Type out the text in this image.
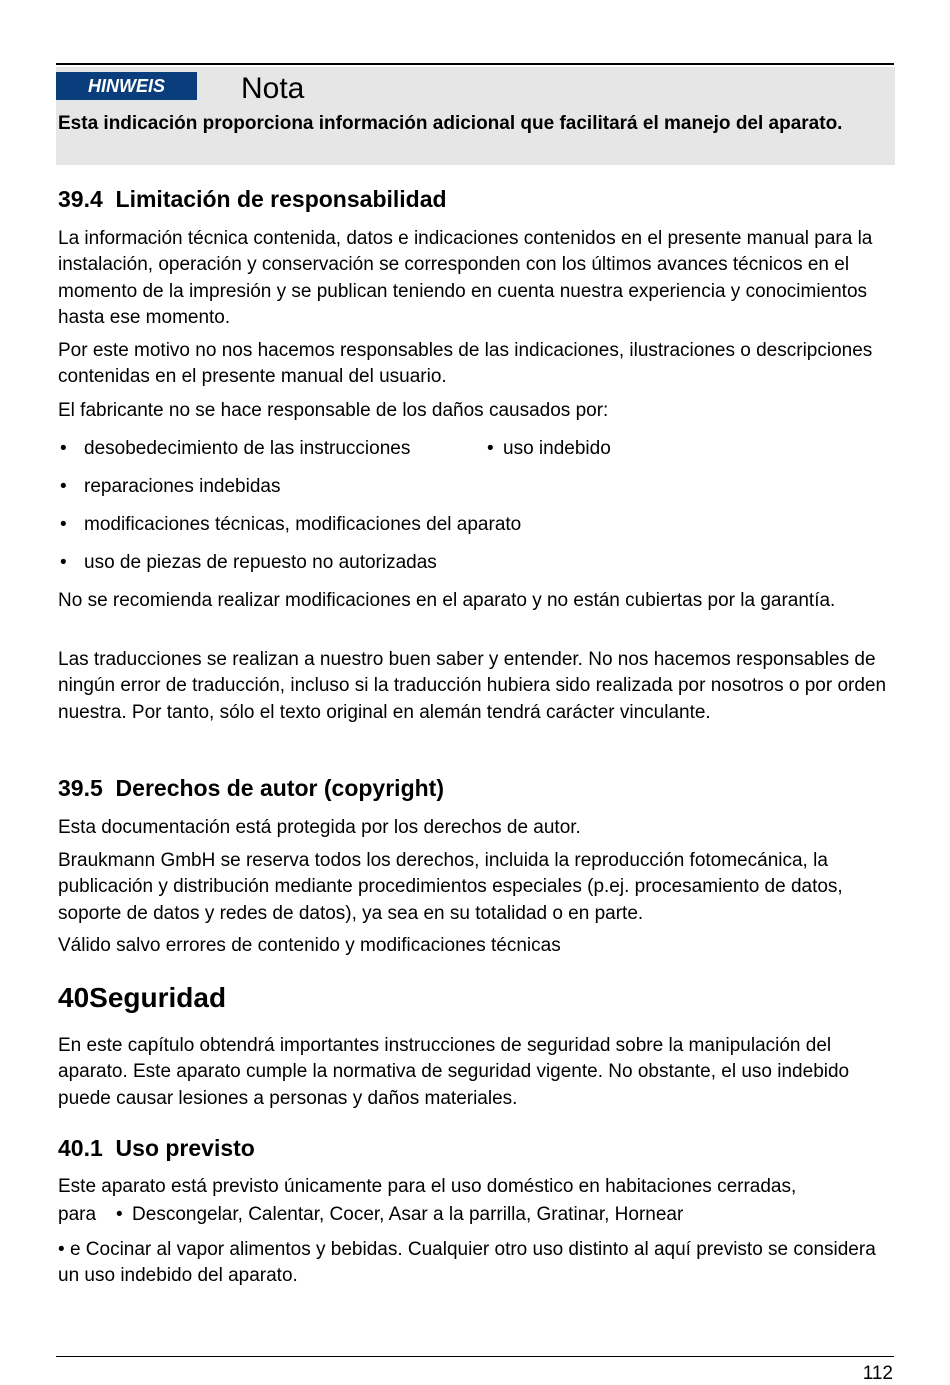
HINWEIS	Nota
Esta indicación proporciona información adicional que facilitará el manejo del aparato.
39.4  Limitación de responsabilidad
La información técnica contenida, datos e indicaciones contenidos en el presente manual para la instalación, operación y conservación se corresponden con los últimos avances técnicos en el momento de la impresión y se publican teniendo en cuenta nuestra experiencia y conocimientos hasta ese momento.
Por este motivo no nos hacemos responsables de las indicaciones, ilustraciones o descripciones contenidas en el presente manual del usuario.
El fabricante no se hace responsable de los daños causados por:
• desobedecimiento de las instrucciones	• uso indebido
• reparaciones indebidas
• modificaciones técnicas, modificaciones del aparato
• uso de piezas de repuesto no autorizadas
No se recomienda realizar modificaciones en el aparato y no están cubiertas por la garantía.
Las traducciones se realizan a nuestro buen saber y entender. No nos hacemos responsables de ningún error de traducción, incluso si la traducción hubiera sido realizada por nosotros o por orden nuestra. Por tanto, sólo el texto original en alemán tendrá carácter vinculante.
39.5  Derechos de autor (copyright)
Esta documentación está protegida por los derechos de autor.
Braukmann GmbH se reserva todos los derechos, incluida la reproducción fotomecánica, la publicación y distribución mediante procedimientos especiales (p.ej. procesamiento de datos, soporte de datos y redes de datos), ya sea en su totalidad o en parte.
Válido salvo errores de contenido y modificaciones técnicas
40Seguridad
En este capítulo obtendrá importantes instrucciones de seguridad sobre la manipulación del aparato. Este aparato cumple la normativa de seguridad vigente. No obstante, el uso indebido puede causar lesiones a personas y daños materiales.
40.1  Uso previsto
Este aparato está previsto únicamente para el uso doméstico en habitaciones cerradas,
para • Descongelar, Calentar, Cocer, Asar a la parrilla, Gratinar, Hornear
• e Cocinar al vapor alimentos y bebidas. Cualquier otro uso distinto al aquí previsto se considera un uso indebido del aparato.
112
